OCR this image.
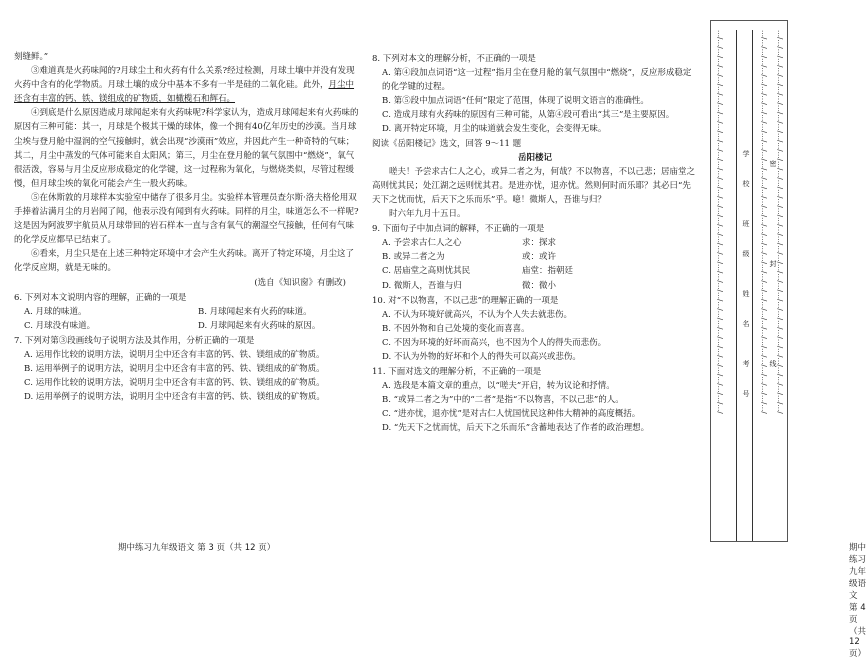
刻缝鲜。”

③难道真是火药味闻的?月球尘土和火药有什么关系?经过检测，月球土壤中并没有发现火药中含有的化学物质。月球土壤的成分中基本不多有一半是硅的二氧化硅。此外，月尘中还含有丰富的钙、铁、镁组成的矿物质，如橄榄石和辉石。

④到底是什么原因造成月球闻起来有火药味呢?科学家认为，造成月球闻起来有火药味的原因有三种可能：其一，月球是个极其干燥的球体，像一个拥有40亿年历史的沙漠。当月球尘埃与登月舱中湿润的空气接触时，就会出现“沙漠雨”效应，并因此产生一种奇特的气味；其二，月尘中蒸发的气体可能来自太阳风；第三，月尘在登月舱的氧气氛围中“燃烧”，氧气很活泼，容易与月尘反应形成稳定的化学键，这一过程称为氧化，与燃烧类似，尽管过程缓慢，但月球尘埃的氧化可能会产生一股火药味。

⑤在休斯敦的月球样本实验室中储存了很多月尘。实验样本管理员查尔斯·洛夫格伦用双手捧着沾满月尘的月岩闻了闻，他表示没有闻到有火药味。同样的月尘，味道怎么不一样呢?这是因为阿波罗宇航员从月球带回的岩石样本一直与含有氧气的潮湿空气接触，任何有气味的化学反应都早已结束了。

⑥看来，月尘只是在上述三种特定环境中才会产生火药味。离开了特定环境，月尘这了化学反应期，就是无味的。

(选自《知识窗》有删改)

6. 下列对本文说明内容的理解，正确的一项是

A. 月球的味道。	B. 月球闻起来有火药的味道。
C. 月球没有味道。	D. 月球闻起来有火药味的原因。

7. 下列对第③段画线句子说明方法及其作用，分析正确的一项是

A. 运用作比较的说明方法，说明月尘中还含有丰富的钙、铁、镁组成的矿物质。

B. 运用举例子的说明方法，说明月尘中还含有丰富的钙、铁、镁组成的矿物质。

C. 运用作比较的说明方法，说明月尘中还含有丰富的钙、铁、镁组成的矿物质。

D. 运用举例子的说明方法，说明月尘中还含有丰富的钙、铁、镁组成的矿物质。

期中练习九年级语文 第 3 页（共 12 页）

8. 下列对本文的理解分析，不正确的一项是

A. 第④段加点词语“这一过程”指月尘在登月舱的氧气氛围中“燃烧”，反应形成稳定的化学键的过程。

B. 第⑤段中加点词语“任何”限定了范围，体现了说明文语言的准确性。

C. 造成月球有火药味的原因有三种可能，从第④段可看出“其三”是主要原因。

D. 离开特定环境，月尘的味道就会发生变化，会变得无味。

阅读《岳阳楼记》选文，回答 9～11 题

岳阳楼记

嗟夫！予尝求古仁人之心，或异二者之为，何哉？不以物喜，不以己悲；居庙堂之高则忧其民；处江湖之远则忧其君。是进亦忧，退亦忧。然则何时而乐耶？其必曰“先天下之忧而忧，后天下之乐而乐”乎。噫！微斯人，吾谁与归？

时六年九月十五日。

9. 下面句子中加点词的解释，不正确的一项是

A. 予尝求古仁人之心	求：探求
B. 或异二者之为	或：或许
C. 居庙堂之高则忧其民	庙堂：指朝廷
D. 微斯人，吾谁与归	微：微小

10. 对“不以物喜，不以己悲”的理解正确的一项是

A. 不认为环境好就高兴，不认为个人失去就悲伤。

B. 不因外物和自己处境的变化而喜喜。

C. 不因为环境的好坏而高兴，也不因为个人的得失而悲伤。

D. 不认为外物的好坏和个人的得失可以高兴或悲伤。

11. 下面对选文的理解分析，不正确的一项是

A. 选段是本篇文章的重点，以“嗟夫”开启，转为议论和抒情。

B. “或异二者之为”中的“二者”是指“不以物喜，不以己悲”的人。

C. “进亦忧，退亦忧”是对古仁人忧国忧民这种伟大精神的高度概括。

D. “先天下之忧而忧，后天下之乐而乐”含蓄地表达了作者的政治理想。

期中练习九年级语文 第 4 页（共 12 页）
…/…/…/…/…/…/…/…/…/…/…/…/…/…/…/…/…/…/…/…/…/…/…/…/…/…/…/…/…/…/…/…/…/…/…/…/…/…/…/…/…/	…/…/…/…/…/…/…/…/…/…/…/…/…/…/…/…/…/…/…/…/…/…/…/…/…/…/…/…/…/…/…/…/…/…/…/…/…/…/…/…/…/ …/…/…/…/…/…/…/…/…/…/…/…/…/…/…/…/…/…/…/…/…/…/…/…/…/…/…/…/…/…/…/…/…/…/…/…/…/…/…/…/…/
学
校
班
级
姓
名
考
号
密
封
线
